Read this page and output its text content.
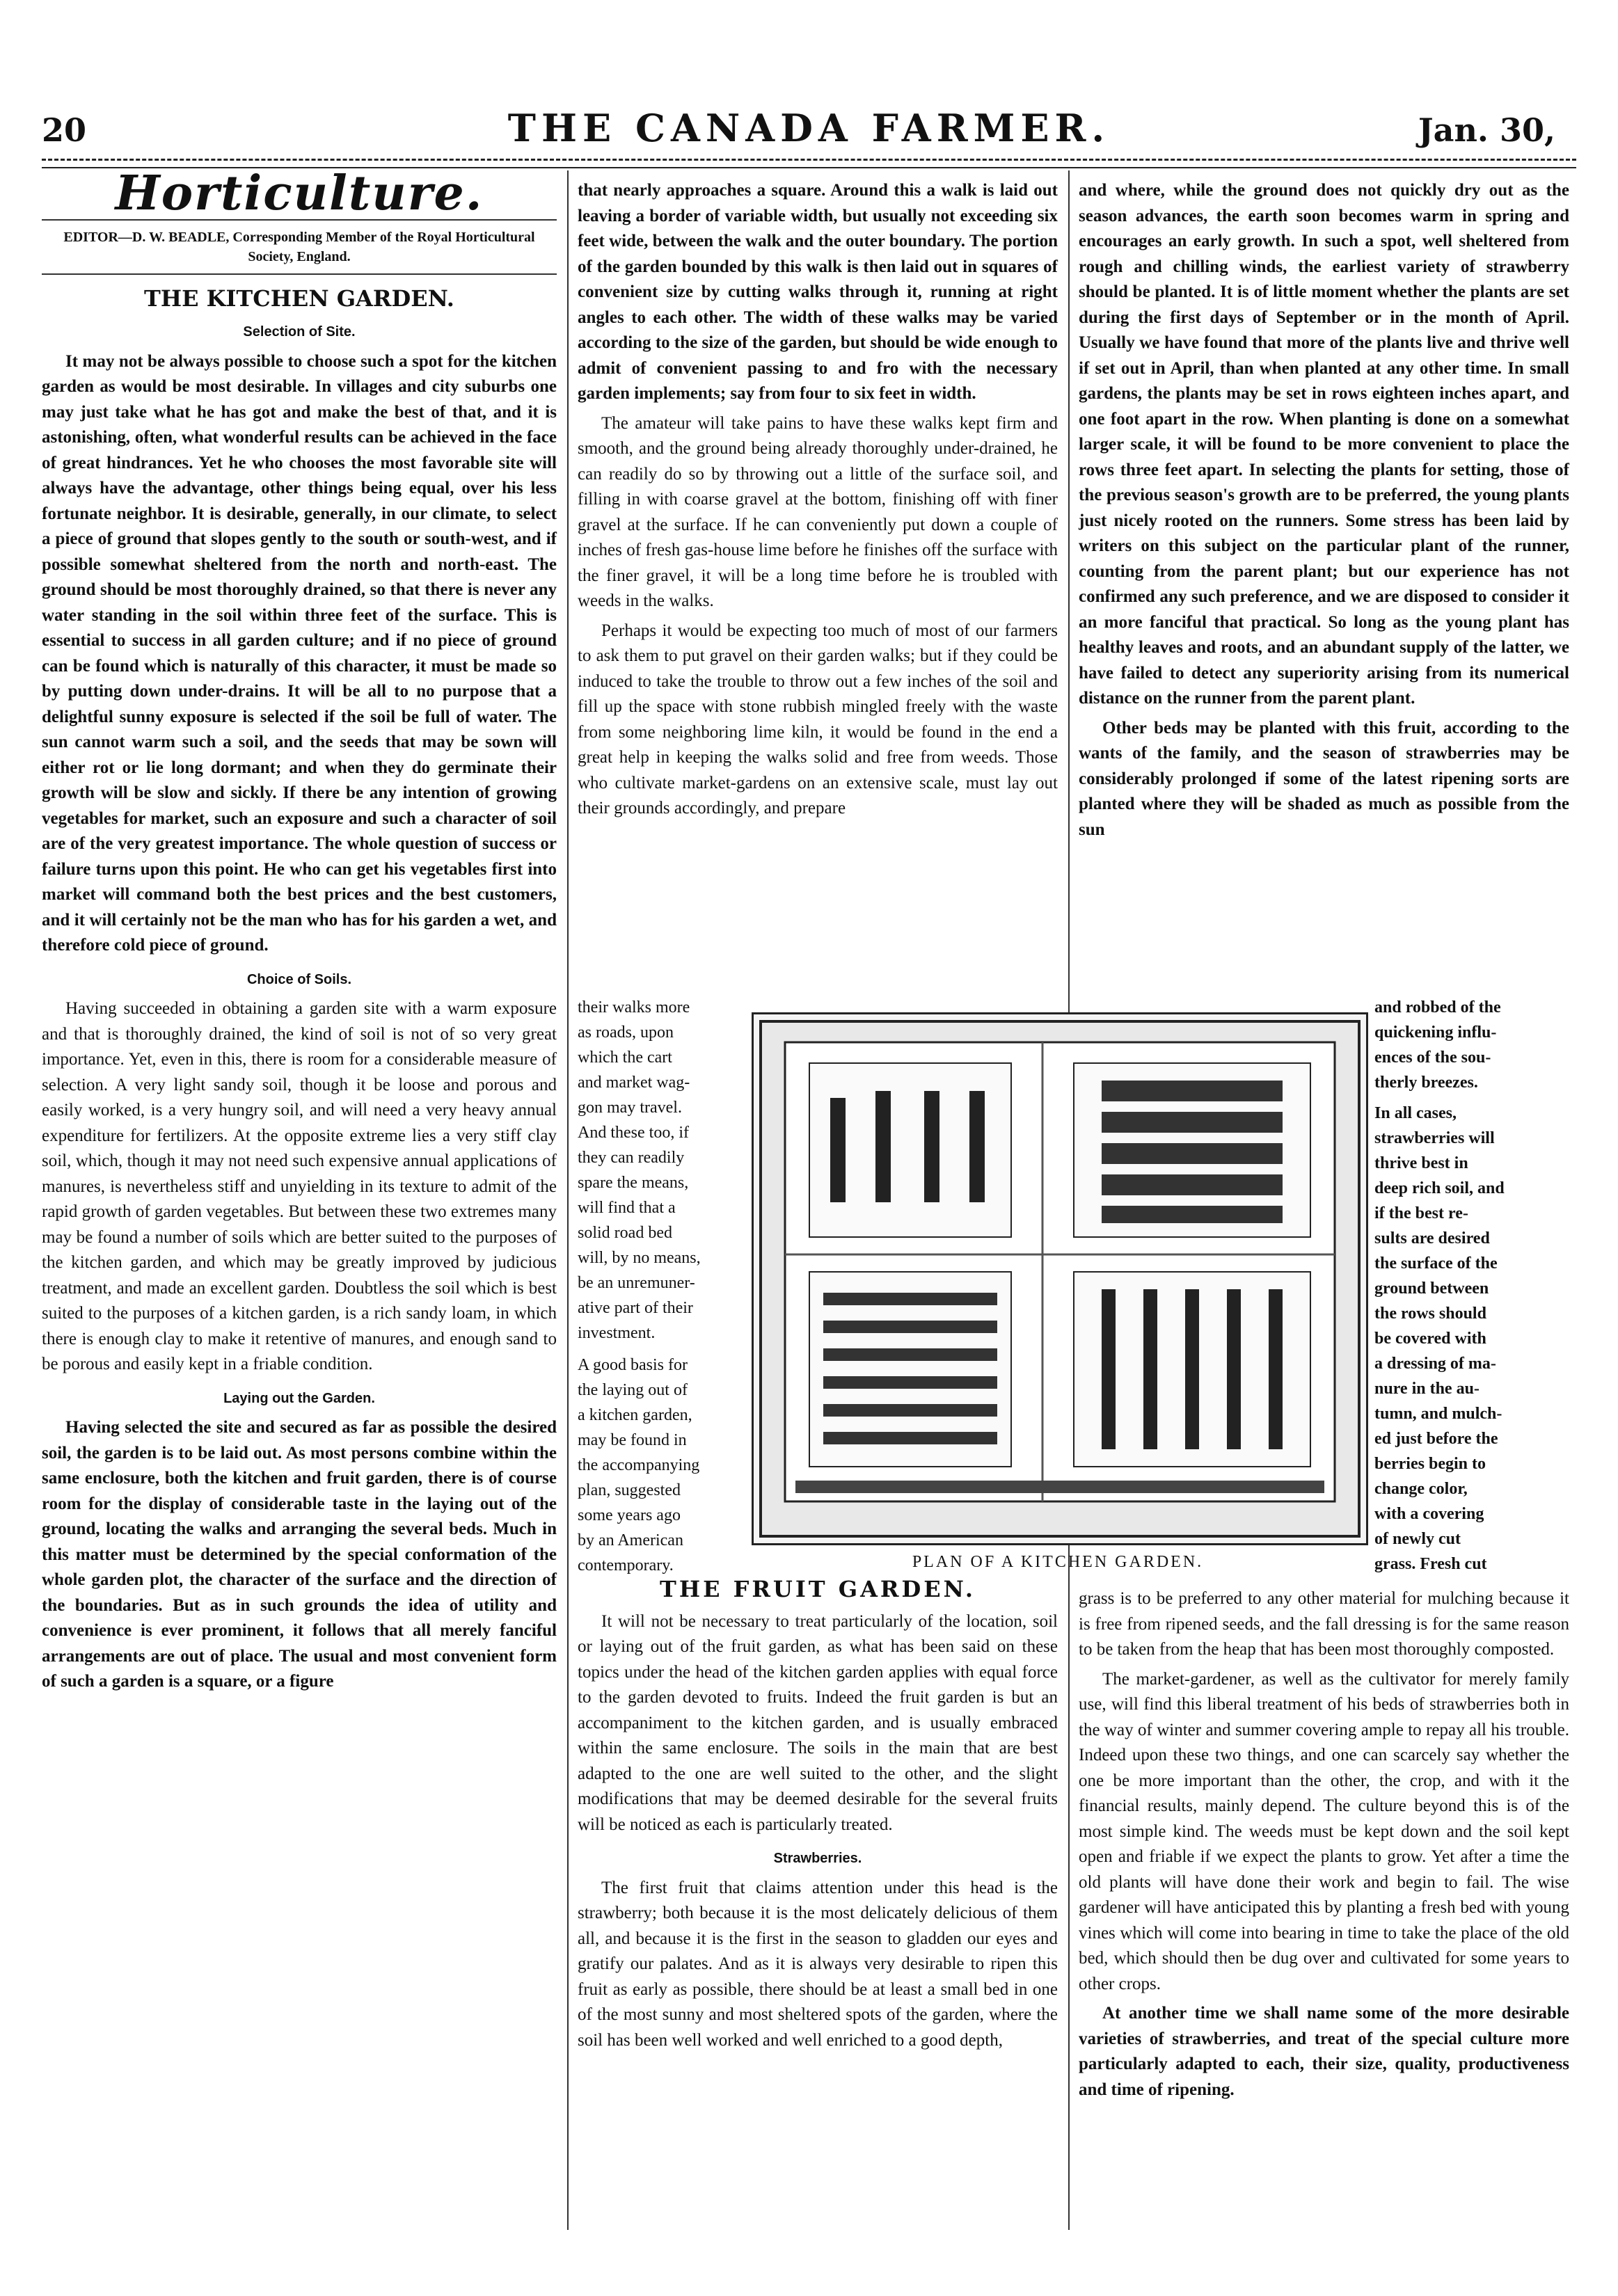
20	THE CANADA FARMER.	Jan. 30,
Horticulture.
EDITOR—D. W. BEADLE, Corresponding Member of the Royal Horticultural Society, England.
THE KITCHEN GARDEN.
Selection of Site.

It may not be always possible to choose such a spot for the kitchen garden as would be most desirable. In villages and city suburbs one may just take what he has got and make the best of that, and it is astonishing, often, what wonderful results can be achieved in the face of great hindrances. Yet he who chooses the most favorable site will always have the advantage, other things being equal, over his less fortunate neighbor. It is desirable, generally, in our climate, to select a piece of ground that slopes gently to the south or south-west, and if possible somewhat sheltered from the north and north-east. The ground should be most thoroughly drained, so that there is never any water standing in the soil within three feet of the surface. This is essential to success in all garden culture; and if no piece of ground can be found which is naturally of this character, it must be made so by putting down under-drains. It will be all to no purpose that a delightful sunny exposure is selected if the soil be full of water. The sun cannot warm such a soil, and the seeds that may be sown will either rot or lie long dormant; and when they do germinate their growth will be slow and sickly. If there be any intention of growing vegetables for market, such an exposure and such a character of soil are of the very greatest importance. The whole question of success or failure turns upon this point. He who can get his vegetables first into market will command both the best prices and the best customers, and it will certainly not be the man who has for his garden a wet, and therefore cold piece of ground.

Choice of Soils.

Having succeeded in obtaining a garden site with a warm exposure and that is thoroughly drained, the kind of soil is not of so very great importance. Yet, even in this, there is room for a considerable measure of selection. A very light sandy soil, though it be loose and porous and easily worked, is a very hungry soil, and will need a very heavy annual expenditure for fertilizers. At the opposite extreme lies a very stiff clay soil, which, though it may not need such expensive annual applications of manures, is nevertheless stiff and unyielding in its texture to admit of the rapid growth of garden vegetables. But between these two extremes many may be found a number of soils which are better suited to the purposes of the kitchen garden, and which may be greatly improved by judicious treatment, and made an excellent garden. Doubtless the soil which is best suited to the purposes of a kitchen garden, is a rich sandy loam, in which there is enough clay to make it retentive of manures, and enough sand to be porous and easily kept in a friable condition.

Laying out the Garden.

Having selected the site and secured as far as possible the desired soil, the garden is to be laid out. As most persons combine within the same enclosure, both the kitchen and fruit garden, there is of course room for the display of considerable taste in the laying out of the ground, locating the walks and arranging the several beds. Much in this matter must be determined by the special conformation of the whole garden plot, the character of the surface and the direction of the boundaries. But as in such grounds the idea of utility and convenience is ever prominent, it follows that all merely fanciful arrangements are out of place. The usual and most convenient form of such a garden is a square, or a figure

that nearly approaches a square. Around this a walk is laid out leaving a border of variable width, but usually not exceeding six feet wide, between the walk and the outer boundary. The portion of the garden bounded by this walk is then laid out in squares of convenient size by cutting walks through it, running at right angles to each other. The width of these walks may be varied according to the size of the garden, but should be wide enough to admit of convenient passing to and fro with the necessary garden implements; say from four to six feet in width.

The amateur will take pains to have these walks kept firm and smooth, and the ground being already thoroughly under-drained, he can readily do so by throwing out a little of the surface soil, and filling in with coarse gravel at the bottom, finishing off with finer gravel at the surface. If he can conveniently put down a couple of inches of fresh gas-house lime before he finishes off the surface with the finer gravel, it will be a long time before he is troubled with weeds in the walks.

Perhaps it would be expecting too much of most of our farmers to ask them to put gravel on their garden walks; but if they could be induced to take the trouble to throw out a few inches of the soil and fill up the space with stone rubbish mingled freely with the waste from some neighboring lime kiln, it would be found in the end a great help in keeping the walks solid and free from weeds. Those who cultivate market-gardens on an extensive scale, must lay out their grounds accordingly, and prepare

their walks more
as roads, upon
which the cart
and market wag-
gon may travel.
And these too, if
they can readily
spare the means,
will find that a
solid road bed
will, by no means,
be an unremuner-
ative part of their
investment.
A good basis for
the laying out of
a kitchen garden,
may be found in
the accompanying
plan, suggested
some years ago
by an American
contemporary.	PLAN OF A KITCHEN GARDEN.
THE FRUIT GARDEN.

It will not be necessary to treat particularly of the location, soil or laying out of the fruit garden, as what has been said on these topics under the head of the kitchen garden applies with equal force to the garden devoted to fruits. Indeed the fruit garden is but an accompaniment to the kitchen garden, and is usually embraced within the same enclosure. The soils in the main that are best adapted to the one are well suited to the other, and the slight modifications that may be deemed desirable for the several fruits will be noticed as each is particularly treated.

Strawberries.

The first fruit that claims attention under this head is the strawberry; both because it is the most delicately delicious of them all, and because it is the first in the season to gladden our eyes and gratify our palates. And as it is always very desirable to ripen this fruit as early as possible, there should be at least a small bed in one of the most sunny and most sheltered spots of the garden, where the soil has been well worked and well enriched to a good depth,

and where, while the ground does not quickly dry out as the season advances, the earth soon becomes warm in spring and encourages an early growth. In such a spot, well sheltered from rough and chilling winds, the earliest variety of strawberry should be planted. It is of little moment whether the plants are set during the first days of September or in the month of April. Usually we have found that more of the plants live and thrive well if set out in April, than when planted at any other time. In small gardens, the plants may be set in rows eighteen inches apart, and one foot apart in the row. When planting is done on a somewhat larger scale, it will be found to be more convenient to place the rows three feet apart. In selecting the plants for setting, those of the previous season's growth are to be preferred, the young plants just nicely rooted on the runners. Some stress has been laid by writers on this subject on the particular plant of the runner, counting from the parent plant; but our experience has not confirmed any such preference, and we are disposed to consider it an more fanciful that practical. So long as the young plant has healthy leaves and roots, and an abundant supply of the latter, we have failed to detect any superiority arising from its numerical distance on the runner from the parent plant.

Other beds may be planted with this fruit, according to the wants of the family, and the season of strawberries may be considerably prolonged if some of the latest ripening sorts are planted where they will be shaded as much as possible from the sun

and robbed of the
quickening influ-
ences of the sou-
therly breezes.
In all cases,
strawberries will
thrive best in
deep rich soil, and
if the best re-
sults are desired
the surface of the
ground between
the rows should
be covered with
a dressing of ma-
nure in the au-
tumn, and mulch-
ed just before the
berries begin to
change color,
with a covering
of newly cut
grass. Fresh cut

grass is to be preferred to any other material for mulching because it is free from ripened seeds, and the fall dressing is for the same reason to be taken from the heap that has been most thoroughly composted.

The market-gardener, as well as the cultivator for merely family use, will find this liberal treatment of his beds of strawberries both in the way of winter and summer covering ample to repay all his trouble. Indeed upon these two things, and one can scarcely say whether the one be more important than the other, the crop, and with it the financial results, mainly depend. The culture beyond this is of the most simple kind. The weeds must be kept down and the soil kept open and friable if we expect the plants to grow. Yet after a time the old plants will have done their work and begin to fail. The wise gardener will have anticipated this by planting a fresh bed with young vines which will come into bearing in time to take the place of the old bed, which should then be dug over and cultivated for some years to other crops.

At another time we shall name some of the more desirable varieties of strawberries, and treat of the special culture more particularly adapted to each, their size, quality, productiveness and time of ripening.
